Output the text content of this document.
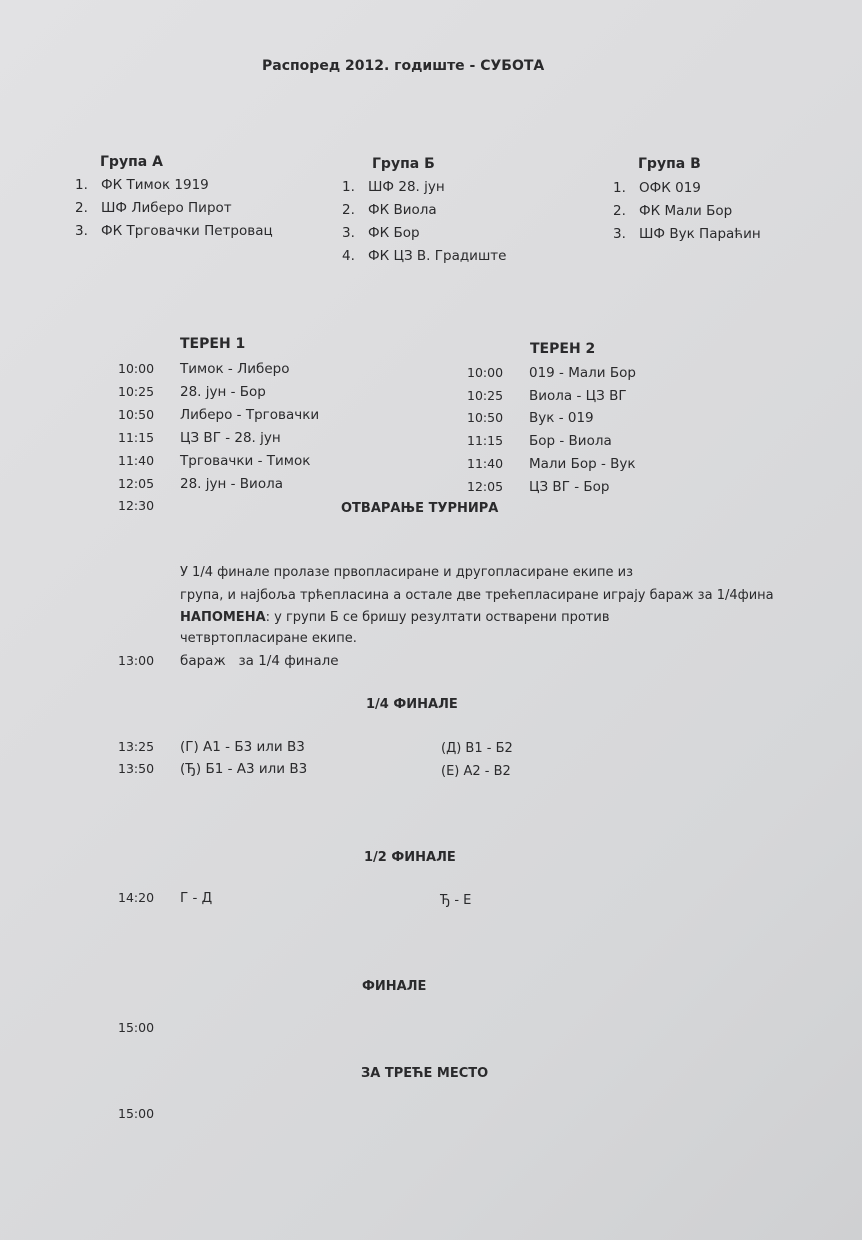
Распоред 2012. годиште - СУБОТА
Група А
1. ФК Тимок 1919
2. ШФ Либеро Пирот
3. ФК Трговачки Петровац
Група Б
1. ШФ 28. јун
2. ФК Виола
3. ФК Бор
4. ФК ЦЗ В. Градиште
Група В
1. ОФК 019
2. ФК Мали Бор
3. ШФ Вук Параћин
ТЕРЕН 1
10:00 Тимок - Либеро
10:25 28. јун - Бор
10:50 Либеро - Трговачки
11:15 ЦЗ ВГ - 28. јун
11:40 Трговачки - Тимок
12:05 28. јун - Виола
ТЕРЕН 2
10:00 019 - Мали Бор
10:25 Виола - ЦЗ ВГ
10:50 Вук - 019
11:15 Бор - Виола
11:40 Мали Бор - Вук
12:05 ЦЗ ВГ - Бор
12:30	ОТВАРАЊЕ ТУРНИРА
У 1/4 финале пролазе првопласиране и другопласиране екипе из
група, и најбоља трћепласина а остале две трећепласиране играју бараж за 1/4фина
НАПОМЕНА: у групи Б се бришу резултати остварени против
четвртопласиране екипе.
13:00 бараж   за 1/4 финале
1/4 ФИНАЛЕ
13:25 (Г) А1 - Б3 или В3	(Д) В1 - Б2
13:50 (Ђ) Б1 - А3 или В3	(Е) А2 - В2
1/2 ФИНАЛЕ
14:20 Г - Д	Ђ - Е
ФИНАЛЕ
15:00
ЗА ТРЕЋЕ МЕСТО
15:00
